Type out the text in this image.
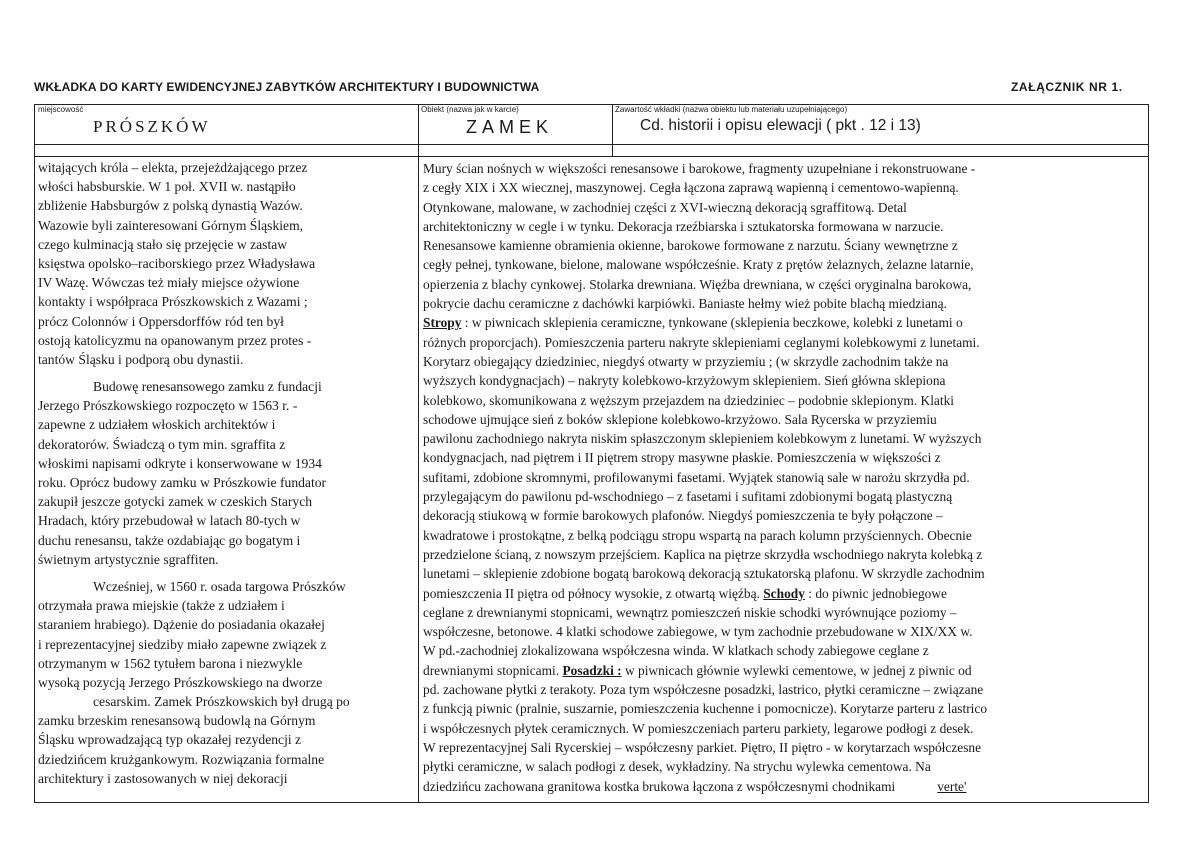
WKŁADKA DO KARTY EWIDENCYJNEJ ZABYTKÓW ARCHITEKTURY I BUDOWNICTWA	ZAŁĄCZNIK NR 1.
miejscowość
PRÓSZKÓW
Obiekt (nazwa jak w karcie)
ZAMEK
Zawartość wkładki (nazwa obiektu lub materiału uzupełniającego)
Cd. historii i opisu elewacji ( pkt . 12 i 13)
witających króla – elekta, przejeżdżającego przez
włości habsburskie. W 1 poł. XVII w. nastąpiło
zbliżenie Habsburgów z polską dynastią Wazów.
Wazowie byli zainteresowani Górnym Śląskiem,
czego kulminacją stało się przejęcie w zastaw
księstwa opolsko–raciborskiego przez Władysława
IV Wazę. Wówczas też miały miejsce ożywione
kontakty i współpraca Prószkowskich z Wazami ;
prócz Colonnów i Oppersdorffów ród ten był
ostoją katolicyzmu na opanowanym przez protes -
tantów Śląsku i podporą obu dynastii.
Budowę renesansowego zamku z fundacji
Jerzego Prószkowskiego rozpoczęto w 1563 r. -
zapewne z udziałem włoskich architektów i
dekoratorów. Świadczą o tym min. sgraffita z
włoskimi napisami odkryte i konserwowane w 1934
roku. Oprócz budowy zamku w Prószkowie fundator
zakupił jeszcze gotycki zamek w czeskich Starych
Hradach, który przebudował w latach 80-tych w
duchu renesansu, także ozdabiając go bogatym i
świetnym artystycznie sgraffiten.
Wcześniej, w 1560 r. osada targowa Prószków
otrzymała prawa miejskie (także z udziałem i
staraniem hrabiego). Dążenie do posiadania okazałej
i reprezentacyjnej siedziby miało zapewne związek z
otrzymanym w 1562 tytułem barona i niezwykle
wysoką pozycją Jerzego Prószkowskiego na dworze
cesarskim. Zamek Prószkowskich był drugą po
zamku brzeskim renesansową budowlą na Górnym
Śląsku wprowadzającą typ okazałej rezydencji z
dziedzińcem krużgankowym. Rozwiązania formalne
architektury i zastosowanych w niej dekoracji
Mury ścian nośnych w większości renesansowe i barokowe, fragmenty uzupełniane i rekonstruowane -
z cegły XIX i XX wiecznej, maszynowej. Cegła łączona zaprawą wapienną i cementowo-wapienną.
Otynkowane, malowane, w zachodniej części z XVI-wieczną dekoracją sgraffitową. Detal
architektoniczny w cegle i w tynku. Dekoracja rzeźbiarska i sztukatorska formowana w narzucie.
Renesansowe kamienne obramienia okienne, barokowe formowane z narzutu. Ściany wewnętrzne z
cegły pełnej, tynkowane, bielone, malowane współcześnie. Kraty z prętów żelaznych, żelazne latarnie,
opierzenia z blachy cynkowej. Stolarka drewniana. Więźba drewniana, w części oryginalna barokowa,
pokrycie dachu ceramiczne z dachówki karpiówki. Baniaste hełmy wież pobite blachą miedzianą.
Stropy : w piwnicach sklepienia ceramiczne, tynkowane (sklepienia beczkowe, kolebki z lunetami o
różnych proporcjach). Pomieszczenia parteru nakryte sklepieniami ceglanymi kolebkowymi z lunetami.
Korytarz obiegający dziedziniec, niegdyś otwarty w przyziemiu ; (w skrzydle zachodnim także na
wyższych kondygnacjach) – nakryty kolebkowo-krzyżowym sklepieniem. Sień główna sklepiona
kolebkowo, skomunikowana z węższym przejazdem na dziedziniec – podobnie sklepionym. Klatki
schodowe ujmujące sień z boków sklepione kolebkowo-krzyżowo. Sala Rycerska w przyziemiu
pawilonu zachodniego nakryta niskim spłaszczonym sklepieniem kolebkowym z lunetami. W wyższych
kondygnacjach, nad piętrem i II piętrem stropy masywne płaskie. Pomieszczenia w większości z
sufitami, zdobione skromnymi, profilowanymi fasetami. Wyjątek stanowią sale w narożu skrzydła pd.
przylegającym do pawilonu pd-wschodniego – z fasetami i sufitami zdobionymi bogatą plastyczną
dekoracją stiukową w formie barokowych plafonów. Niegdyś pomieszczenia te były połączone –
kwadratowe i prostokątne, z belką podciągu stropu wspartą na parach kolumn przyściennych. Obecnie
przedzielone ścianą, z nowszym przejściem. Kaplica na piętrze skrzydła wschodniego nakryta kolebką z
lunetami – sklepienie zdobione bogatą barokową dekoracją sztukatorską plafonu. W skrzydle zachodnim
pomieszczenia II piętra od północy wysokie, z otwartą więźbą. Schody : do piwnic jednobiegowe
ceglane z drewnianymi stopnicami, wewnątrz pomieszczeń niskie schodki wyrównujące poziomy –
współczesne, betonowe. 4 klatki schodowe zabiegowe, w tym zachodnie przebudowane w XIX/XX w.
W pd.-zachodniej zlokalizowana współczesna winda. W klatkach schody zabiegowe ceglane z
drewnianymi stopnicami. Posadzki : w piwnicach głównie wylewki cementowe, w jednej z piwnic od
pd. zachowane płytki z terakoty. Poza tym współczesne posadzki, lastrico, płytki ceramiczne – związane
z funkcją piwnic (pralnie, suszarnie, pomieszczenia kuchenne i pomocnicze). Korytarze parteru z lastrico
i współczesnych płytek ceramicznych. W pomieszczeniach parteru parkiety, legarowe podłogi z desek.
W reprezentacyjnej Sali Rycerskiej – współczesny parkiet. Piętro, II piętro - w korytarzach współczesne
płytki ceramiczne, w salach podłogi z desek, wykładziny. Na strychu wylewka cementowa. Na
dziedzińcu zachowana granitowa kostka brukowa łączona z współczesnymi chodnikami	verte'
